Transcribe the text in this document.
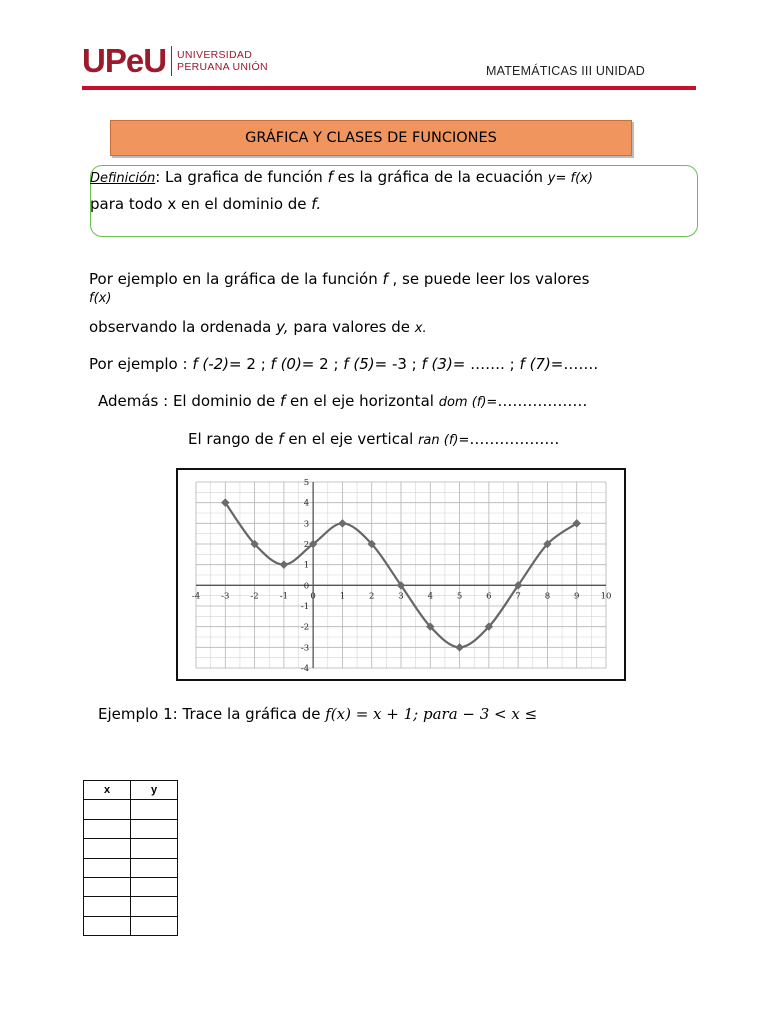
UPeU UNIVERSIDAD
PERUANA UNIÓN	MATEMÁTICAS III UNIDAD
GRÁFICA Y CLASES DE FUNCIONES
Definición: La grafica de función f es la gráfica de la ecuación y= f(x)
para todo x en el dominio de f.
Por ejemplo en la gráfica de la función f , se puede leer los valores
f(x)
observando la ordenada y, para valores de x.
Por ejemplo : f (-2)= 2 ; f (0)= 2 ; f (5)= -3 ; f (3)= ……. ; f (7)=…….
Además : El dominio de f en el eje horizontal dom (f)=………………
El rango de f en el eje vertical ran (f)=………………
-4 -3 -2 -1	0	1	2	3	4	5	6	7	8	9 10
-4
-3
-2
-1
0
1
2
3
4
5
Ejemplo 1: Trace la gráfica de f(x) = x + 1; para − 3 < x ≤
x	y
